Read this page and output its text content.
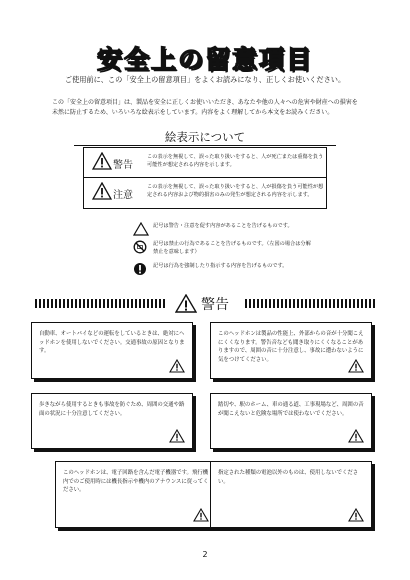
安全上の留意項目
ご使用前に、この「安全上の留意項目」をよくお読みになり、正しくお使いください。
この「安全上の留意項目」は、製品を安全に正しくお使いいただき、あなたや他の人々への危害や財産への損害を未然に防止するため、いろいろな絵表示をしています。内容をよく理解してから本文をお読みください。
絵表示について
警告
この表示を無視して、誤った取り扱いをすると、人が死亡または重傷を負う可能性が想定される内容を示します。
注意
この表示を無視して、誤った取り扱いをすると、人が損傷を負う可能性が想定される内容および物的損害のみの発生が想定される内容を示します。
記号は警告・注意を促す内容があることを告げるものです。
記号は禁止の行為であることを告げるものです。（左図の場合は分解禁止を意味します）
記号は行為を強制したり指示する内容を告げるものです。
警告
自動車、オートバイなどの運転をしているときは、絶対にヘッドホンを使用しないでください。交通事故の原因となります。
このヘッドホンは製品の性能上、外部からの音が十分聞こえにくくなります。警告音なども聞き取りにくくなることがありますので、周囲の音に十分注意し、事故に遭わないように気をつけてください。
歩きながら使用するときも事故を防ぐため、周囲の交通や路面の状況に十分注意してください。
踏切や、駅のホーム、車の通る道、工事現場など、周囲の音が聞こえないと危険な場所では使わないでください。
このヘッドホンは、電子回路を含んだ電子機器です。飛行機内でのご使用時には機長指示や機内のアナウンスに従ってください。
指定された種類の電池以外のものは、使用しないでください。
2
